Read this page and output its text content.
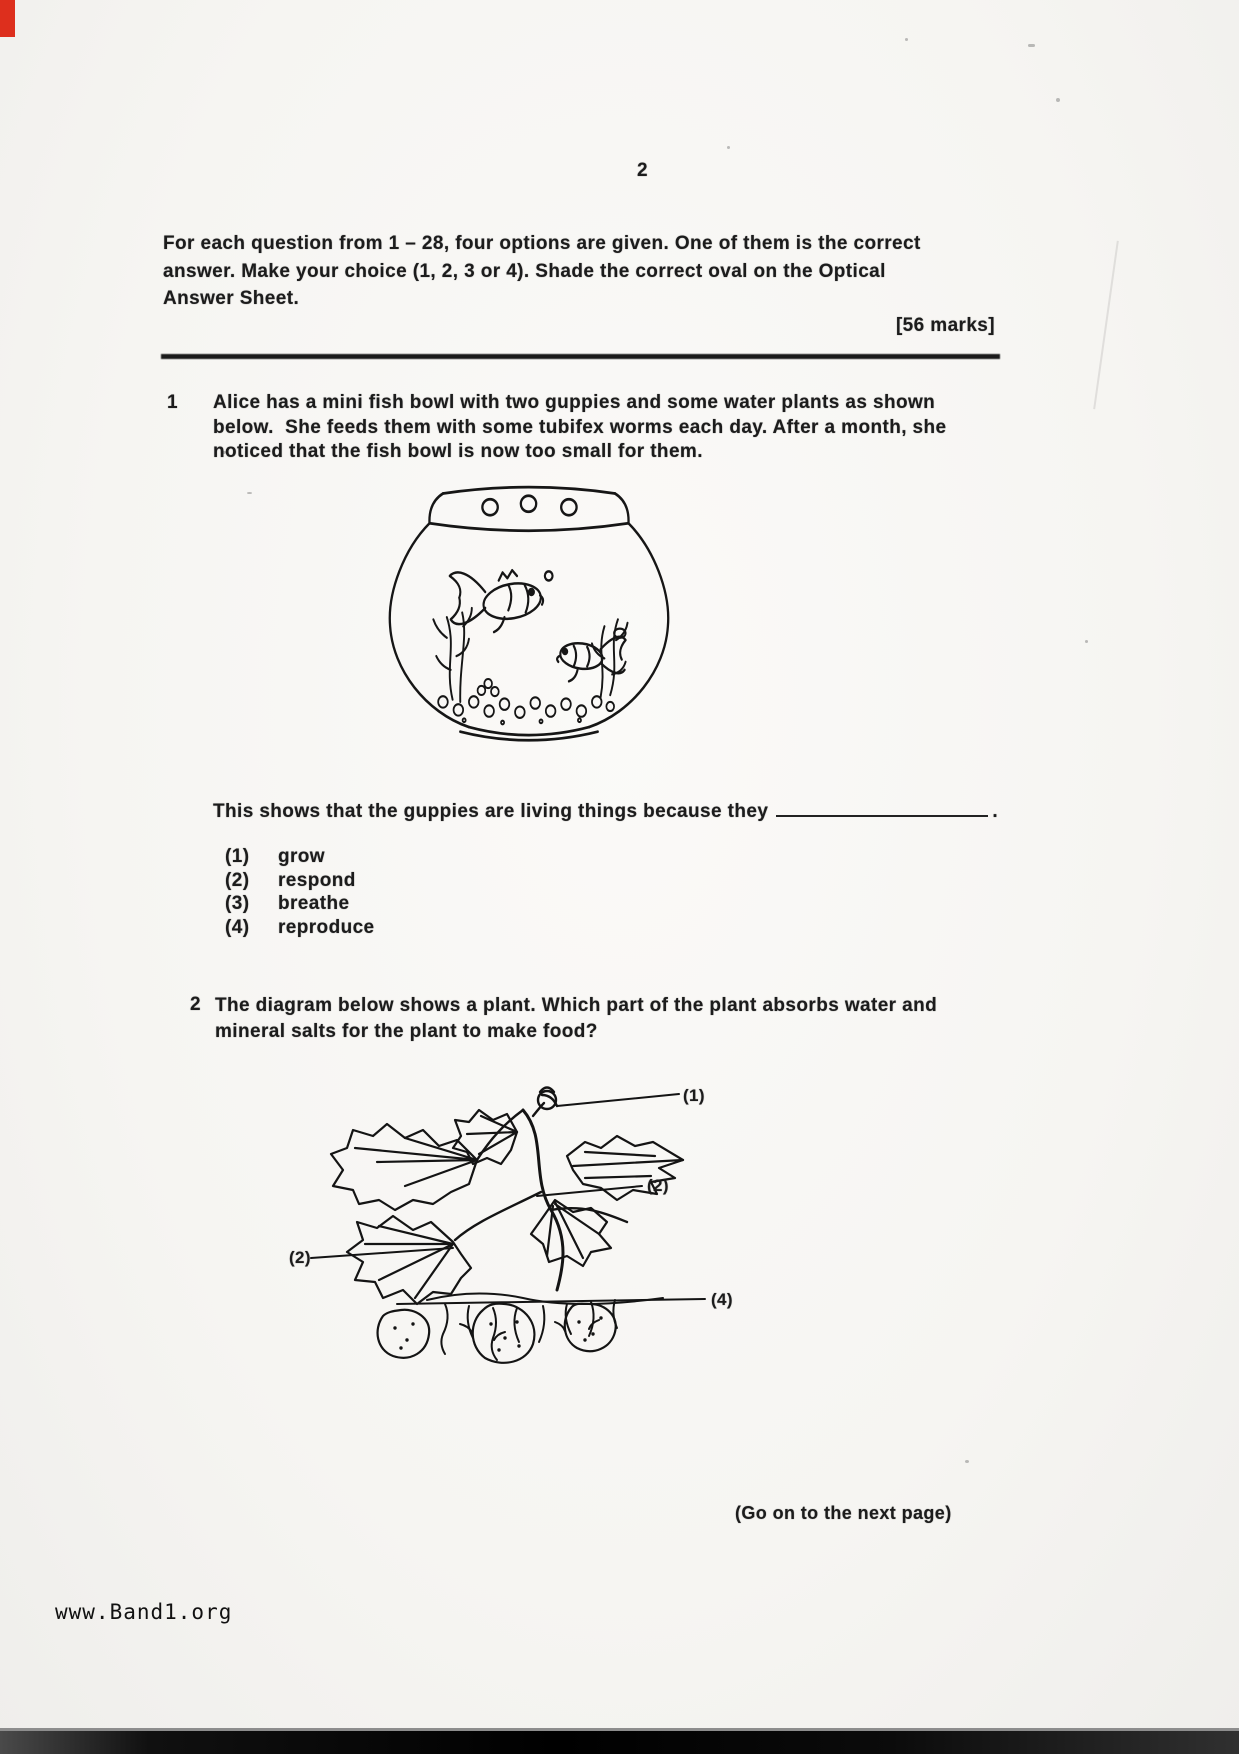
2
For each question from 1 – 28, four options are given. One of them is the correct
answer. Make your choice (1, 2, 3 or 4). Shade the correct oval on the Optical
Answer Sheet.
[56 marks]
1 Alice has a mini fish bowl with two guppies and some water plants as shown
below.  She feeds them with some tubifex worms each day. After a month, she
noticed that the fish bowl is now too small for them.
This shows that the guppies are living things because they	.
(1)	grow
(2)	respond
(3)	breathe
(4)	reproduce
2 The diagram below shows a plant. Which part of the plant absorbs water and
mineral salts for the plant to make food?
(1)
(2)
(2)
(4)
(Go on to the next page)
www.Band1.org
